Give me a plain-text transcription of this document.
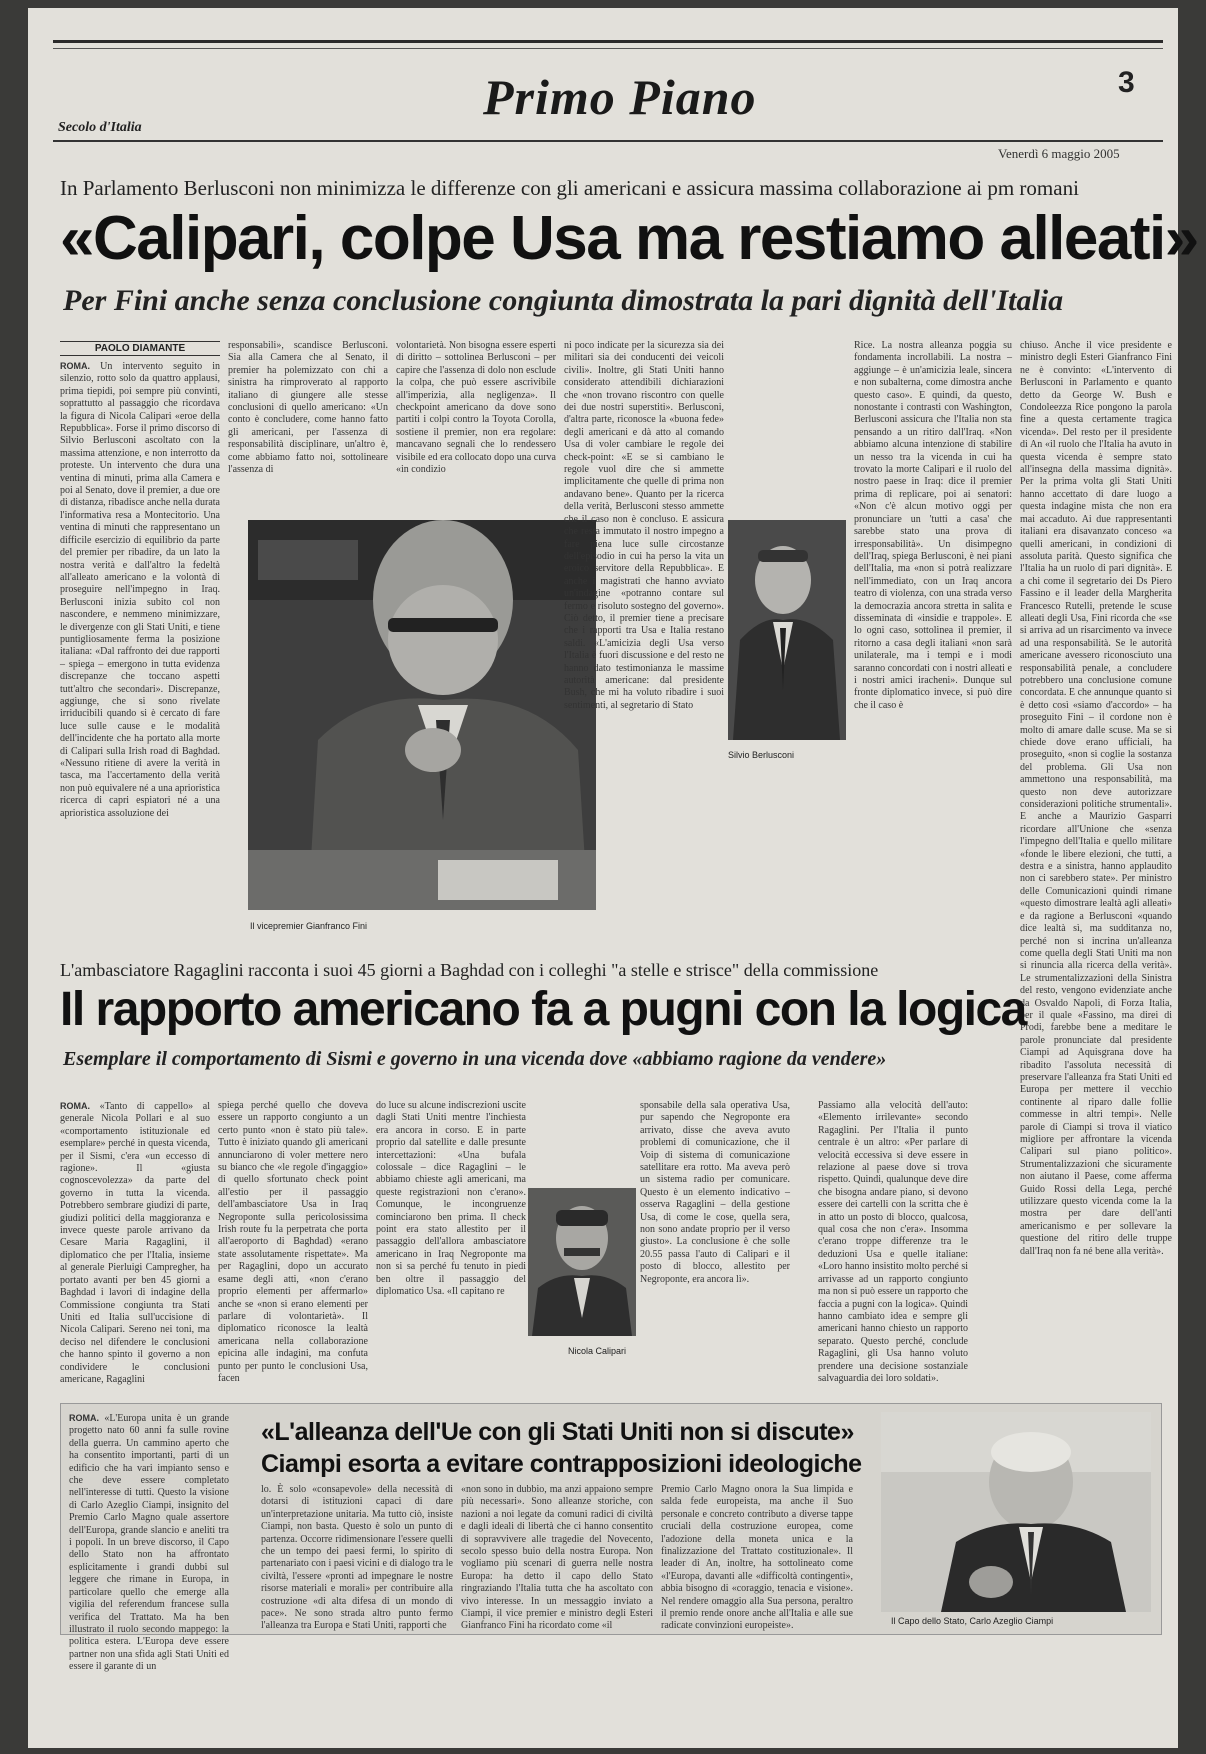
Primo Piano	3
Secolo d'Italia
Venerdì 6 maggio 2005
In Parlamento Berlusconi non minimizza le differenze con gli americani e assicura massima collaborazione ai pm romani
«Calipari, colpe Usa ma restiamo alleati»
Per Fini anche senza conclusione congiunta dimostrata la pari dignità dell'Italia
PAOLO DIAMANTE
ROMA. Un intervento seguito in silenzio, rotto solo da quattro applausi, prima tiepidi, poi sempre più convinti, soprattutto al passaggio che ricordava la figura di Nicola Calipari «eroe della Repubblica». Forse il primo discorso di Silvio Berlusconi ascoltato con la massima attenzione, e non interrotto da proteste. Un intervento che dura una ventina di minuti, prima alla Camera e poi al Senato, dove il premier, a due ore di distanza, ribadisce anche nella durata l'informativa resa a Montecitorio. Una ventina di minuti che rappresentano un difficile esercizio di equilibrio da parte del premier per ribadire, da un lato la nostra verità e dall'altro la fedeltà all'alleato americano e la volontà di proseguire nell'impegno in Iraq. Berlusconi inizia subito col non nascondere, e nemmeno minimizzare, le divergenze con gli Stati Uniti, e tiene puntigliosamente ferma la posizione italiana: «Dal raffronto dei due rapporti – spiega – emergono in tutta evidenza discrepanze che toccano aspetti tutt'altro che secondari». Discrepanze, aggiunge, che si sono rivelate irriducibili quando si è cercato di fare luce sulle cause e le modalità dell'incidente che ha portato alla morte di Calipari sulla Irish road di Baghdad. «Nessuno ritiene di avere la verità in tasca, ma l'accertamento della verità non può equivalere né a una aprioristica ricerca di capri espiatori né a una aprioristica assoluzione dei
responsabili», scandisce Berlusconi. Sia alla Camera che al Senato, il premier ha polemizzato con chi a sinistra ha rimproverato al rapporto italiano di giungere alle stesse conclusioni di quello americano: «Un conto è concludere, come hanno fatto gli americani, per l'assenza di responsabilità disciplinare, un'altro è, come abbiamo fatto noi, sottolineare l'assenza di
volontarietà. Non bisogna essere esperti di diritto – sottolinea Berlusconi – per capire che l'assenza di dolo non esclude la colpa, che può essere ascrivibile all'imperizia, alla negligenza». Il checkpoint americano da dove sono partiti i colpi contro la Toyota Corolla, sostiene il premier, non era regolare: mancavano segnali che lo rendessero visibile ed era collocato dopo una curva «in condizio
Il vicepremier Gianfranco Fini
ni poco indicate per la sicurezza sia dei militari sia dei conducenti dei veicoli civili». Inoltre, gli Stati Uniti hanno considerato attendibili dichiarazioni che «non trovano riscontro con quelle dei due nostri superstiti». Berlusconi, d'altra parte, riconosce la «buona fede» degli americani e dà atto al comando Usa di voler cambiare le regole dei check-point: «E se si cambiano le regole vuol dire che si ammette implicitamente che quelle di prima non andavano bene». Quanto per la ricerca della verità, Berlusconi stesso ammette che il caso non è concluso. E assicura che resta immutato il nostro impegno a fare piena luce sulle circostanze dell'episodio in cui ha perso la vita un eroico servitore della Repubblica». E anche i magistrati che hanno avviato un'indagine «potranno contare sul fermo e risoluto sostegno del governo». Ciò detto, il premier tiene a precisare che i rapporti tra Usa e Italia restano saldi. «L'amicizia degli Usa verso l'Italia è fuori discussione e del resto ne hanno dato testimonianza le massime autorità americane: dal presidente Bush, che mi ha voluto ribadire i suoi sentimenti, al segretario di Stato
Silvio Berlusconi
Rice. La nostra alleanza poggia su fondamenta incrollabili. La nostra – aggiunge – è un'amicizia leale, sincera e non subalterna, come dimostra anche questo caso». E quindi, da questo, nonostante i contrasti con Washington, Berlusconi assicura che l'Italia non sta pensando a un ritiro dall'Iraq. «Non abbiamo alcuna intenzione di stabilire un nesso tra la vicenda in cui ha trovato la morte Calipari e il ruolo del nostro paese in Iraq: dice il premier prima di replicare, poi ai senatori: «Non c'è alcun motivo oggi per pronunciare un 'tutti a casa' che sarebbe stato una prova di irresponsabilità». Un disimpegno dell'Iraq, spiega Berlusconi, è nei piani dell'Italia, ma «non si potrà realizzare nell'immediato, con un Iraq ancora teatro di violenza, con una strada verso la democrazia ancora stretta in salita e disseminata di «insidie e trappole». E lo ogni caso, sottolinea il premier, il ritorno a casa degli italiani «non sarà unilaterale, ma i tempi e i modi saranno concordati con i nostri alleati e i nostri amici iracheni». Dunque sul fronte diplomatico invece, si può dire che il caso è
chiuso. Anche il vice presidente e ministro degli Esteri Gianfranco Fini ne è convinto: «L'intervento di Berlusconi in Parlamento e quanto detto da George W. Bush e Condoleezza Rice pongono la parola fine a questa certamente tragica vicenda». Del resto per il presidente di An «il ruolo che l'Italia ha avuto in questa vicenda è sempre stato all'insegna della massima dignità». Per la prima volta gli Stati Uniti hanno accettato di dare luogo a questa indagine mista che non era mai accaduto. Ai due rappresentanti italiani era disavanzato conceso «a quelli americani, in condizioni di assoluta parità. Questo significa che l'Italia ha un ruolo di pari dignità». E a chi come il segretario dei Ds Piero Fassino e il leader della Margherita Francesco Rutelli, pretende le scuse alleati degli Usa, Fini ricorda che «se si arriva ad un risarcimento va invece ad una responsabilità. Se le autorità americane avessero riconosciuto una responsabilità penale, a concludere potrebbero una conclusione comune concordata. E che annunque quanto si è detto così «siamo d'accordo» – ha proseguito Fini – il cordone non è molto di amare dalle scuse. Ma se si chiede dove erano ufficiali, ha proseguito, «non si coglie la sostanza del problema. Gli Usa non ammettono una responsabilità, ma questo non deve autorizzare considerazioni politiche strumentali». E anche a Maurizio Gasparri ricordare all'Unione che «senza l'impegno dell'Italia e quello militare «fonde le libere elezioni, che tutti, a destra e a sinistra, hanno applaudito non ci sarebbero state». Per ministro delle Comunicazioni quindi rimane «questo dimostrare lealtà agli alleati» e da ragione a Berlusconi «quando dice lealtà sì, ma sudditanza no, perché non si incrina un'alleanza come quella degli Stati Uniti ma non si rinuncia alla ricerca della verità». Le strumentalizzazioni della Sinistra del resto, vengono evidenziate anche da Osvaldo Napoli, di Forza Italia, per il quale «Fassino, ma direi di Prodi, farebbe bene a meditare le parole pronunciate dal presidente Ciampi ad Aquisgrana dove ha ribadito l'assoluta necessità di preservare l'alleanza fra Stati Uniti ed Europa per mettere il vecchio continente al riparo dalle follie commesse in altri tempi». Nelle parole di Ciampi si trova il viatico migliore per affrontare la vicenda Calipari sul piano politico». Strumentalizzazioni che sicuramente non aiutano il Paese, come afferma Guido Rossi della Lega, perché utilizzare questo vicenda come la la mostra per dare dell'anti americanismo e per sollevare la questione del ritiro delle truppe dall'Iraq non fa né bene alla verità».
L'ambasciatore Ragaglini racconta i suoi 45 giorni a Baghdad con i colleghi "a stelle e strisce" della commissione
Il rapporto americano fa a pugni con la logica
Esemplare il comportamento di Sismi e governo in una vicenda dove «abbiamo ragione da vendere»
ROMA. «Tanto di cappello» al generale Nicola Pollari e al suo «comportamento istituzionale ed esemplare» perché in questa vicenda, per il Sismi, c'era «un eccesso di ragione». Il «giusta cognoscevolezza» da parte del governo in tutta la vicenda. Potrebbero sembrare giudizi di parte, giudizi politici della maggioranza e invece queste parole arrivano da Cesare Maria Ragaglini, il diplomatico che per l'Italia, insieme al generale Pierluigi Campregher, ha portato avanti per ben 45 giorni a Baghdad i lavori di indagine della Commissione congiunta tra Stati Uniti ed Italia sull'uccisione di Nicola Calipari. Sereno nei toni, ma deciso nel difendere le conclusioni che hanno spinto il governo a non condividere le conclusioni americane, Ragaglini
spiega perché quello che doveva essere un rapporto congiunto a un certo punto «non è stato più tale». Tutto è iniziato quando gli americani annunciarono di voler mettere nero su bianco che «le regole d'ingaggio» di quello sfortunato check point all'estio per il passaggio dell'ambasciatore Usa in Iraq Negroponte sulla pericolosissima Irish route fu la perpetrata che porta all'aeroporto di Baghdad) «erano state assolutamente rispettate». Ma per Ragaglini, dopo un accurato esame degli atti, «non c'erano proprio elementi per affermarlo» anche se «non si erano elementi per parlare di volontarietà». Il diplomatico riconosce la lealtà americana nella collaborazione epicina alle indagini, ma confuta punto per punto le conclusioni Usa, facen
do luce su alcune indiscrezioni uscite dagli Stati Uniti mentre l'inchiesta era ancora in corso. E in parte proprio dal satellite e dalle presunte intercettazioni: «Una bufala colossale – dice Ragaglini – le abbiamo chieste agli americani, ma queste registrazioni non c'erano». Comunque, le incongruenze cominciarono ben prima. Il check point era stato allestito per il passaggio dell'allora ambasciatore americano in Iraq Negroponte ma non si sa perché fu tenuto in piedi ben oltre il passaggio del diplomatico Usa. «Il capitano re
Nicola Calipari
sponsabile della sala operativa Usa, pur sapendo che Negroponte era arrivato, disse che aveva avuto problemi di comunicazione, che il Voip di sistema di comunicazione satellitare era rotto. Ma aveva però un sistema radio per comunicare. Questo è un elemento indicativo – osserva Ragaglini – della gestione Usa, di come le cose, quella sera, non sono andate proprio per il verso giusto». La conclusione è che solle 20.55 passa l'auto di Calipari e il posto di blocco, allestito per Negroponte, era ancora lì».
Passiamo alla velocità dell'auto: «Elemento irrilevante» secondo Ragaglini. Per l'Italia il punto centrale è un altro: «Per parlare di velocità eccessiva si deve essere in relazione al paese dove si trova rispetto. Quindi, qualunque deve dire che bisogna andare piano, si devono essere dei cartelli con la scritta che è in atto un posto di blocco, qualcosa, qual cosa che non c'era». Insomma c'erano troppe differenze tra le deduzioni Usa e quelle italiane: «Loro hanno insistito molto perché si arrivasse ad un rapporto congiunto ma non si può essere un rapporto che faccia a pugni con la logica». Quindi hanno cambiato idea e sempre gli americani hanno chiesto un rapporto separato. Questo perché, conclude Ragaglini, gli Usa hanno voluto prendere una decisione sostanziale salvaguardia dei loro soldati».
ROMA. «L'Europa unita è un grande progetto nato 60 anni fa sulle rovine della guerra. Un cammino aperto che ha consentito importanti, parti di un edificio che ha vari impianto senso e che deve essere completato nell'interesse di tutti. Questo la visione di Carlo Azeglio Ciampi, insignito del Premio Carlo Magno quale assertore dell'Europa, grande slancio e aneliti tra i popoli. In un breve discorso, il Capo dello Stato non ha affrontato esplicitamente i grandi dubbi sul leggere che rimane in Europa, in particolare quello che emerge alla vigilia del referendum francese sulla verifica del Trattato. Ma ha ben illustrato il ruolo secondo mappego: la politica estera. L'Europa deve essere partner non una sfida agli Stati Uniti ed essere il garante di un
«L'alleanza dell'Ue con gli Stati Uniti non si discute»
Ciampi esorta a evitare contrapposizioni ideologiche
lo. È solo «consapevole» della necessità di dotarsi di istituzioni capaci di dare un'interpretazione unitaria. Ma tutto ciò, insiste Ciampi, non basta. Questo è solo un punto di partenza. Occorre ridimensionare l'essere quelli che un tempo dei paesi fermi, lo spirito di partenariato con i paesi vicini e di dialogo tra le civiltà, l'essere «pronti ad impegnare le nostre risorse materiali e morali» per contribuire alla costruzione «di alta difesa di un mondo di pace». Ne sono strada altro punto fermo l'alleanza tra Europa e Stati Uniti, rapporti che
«non sono in dubbio, ma anzi appaiono sempre più necessari». Sono alleanze storiche, con nazioni a noi legate da comuni radici di civiltà e dagli ideali di libertà che ci hanno consentito di sopravvivere alle tragedie del Novecento, secolo spesso buio della nostra Europa. Non vogliamo più scenari di guerra nelle nostra Europa: ha detto il capo dello Stato ringraziando l'Italia tutta che ha ascoltato con vivo interesse. In un messaggio inviato a Ciampi, il vice premier e ministro degli Esteri Gianfranco Fini ha ricordato come «il
Premio Carlo Magno onora la Sua limpida e salda fede europeista, ma anche il Suo personale e concreto contributo a diverse tappe cruciali della costruzione europea, come l'adozione della moneta unica e la finalizzazione del Trattato costituzionale». Il leader di An, inoltre, ha sottolineato come «l'Europa, davanti alle «difficoltà contingenti», abbia bisogno di «coraggio, tenacia e visione». Nel rendere omaggio alla Sua persona, peraltro il premio rende onore anche all'Italia e alle sue radicate convinzioni europeiste».	Il Capo dello Stato, Carlo Azeglio Ciampi
